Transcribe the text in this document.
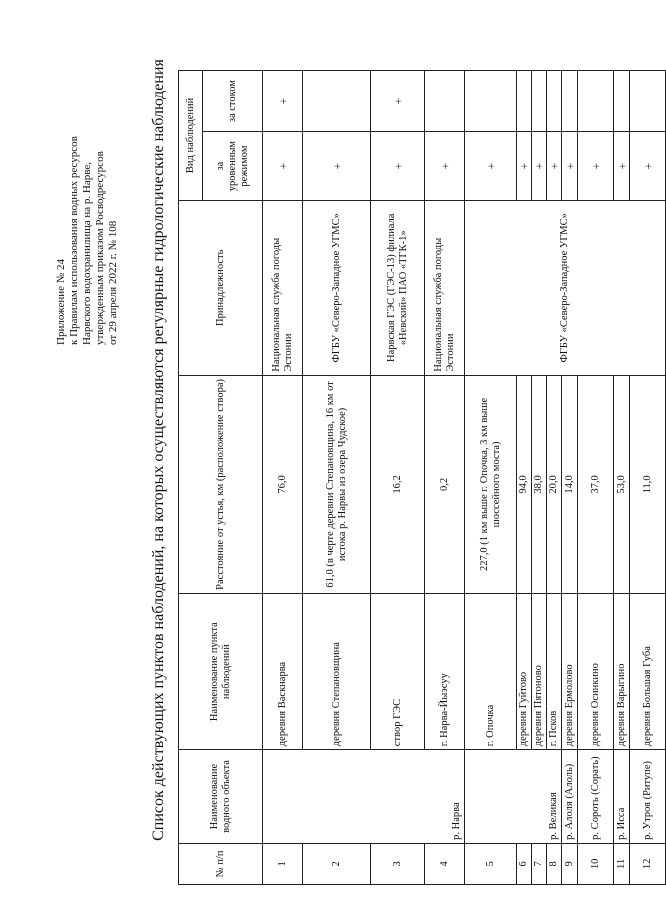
Приложение № 24 к Правилам использования водных ресурсов Нарвского водохранилища на р. Нарве, утвержденным приказом Росводресурсов от 29 апреля 2022 г. № 108 Список действующих пунктов наблодений, на которых осуществляются регулярные гидрологические наблюдения
№ п/п	Наименование водного объекта	Наименование пункта наблюдений	Расстояние от устья, км (расположение створа)	Принадлежность	Вид наблюдений	
					за уровенным режимом	за стоком
1	р. Нарва	деревня Васкнарва	76,0	Национальная служба погоды Эстонии	+	+
2		деревня Степановщина	61,0 (в черте деревни Степановщина, 16 км от истока р. Нарвы из озера Чудское)	ФГБУ «Северо-Западное УГМС»	+	
3		створ ГЭС	16,2	Нарвская ГЭС (ГЭС-13) филиала «Невский» ПАО «ТГК-1»	+	+
4		г. Нарва-Йыэсуу	0,2	Национальная служба погоды Эстонии	+	
5	р. Великая	г. Опочка	227,0 (1 км выше г. Опочка, 3 км выше шоссейного моста)	ФГБУ «Северо-Западное УГМС»	+	
6		деревня Гуйтово	94,0		+	
7		деревня Пятоново	38,0		+	
8		г. Псков	20,0		+	
9	р. Алоля (Алоль)	деревня Ермолово	14,0		+	
10	р. Сороть (Сорать)	деревня Осинкино	37,0		+	
11	р. Исса	деревня Варыгино	53,0		+	
12	р. Утроя (Ритупе)	деревня Большая Губа	11,0		+	
